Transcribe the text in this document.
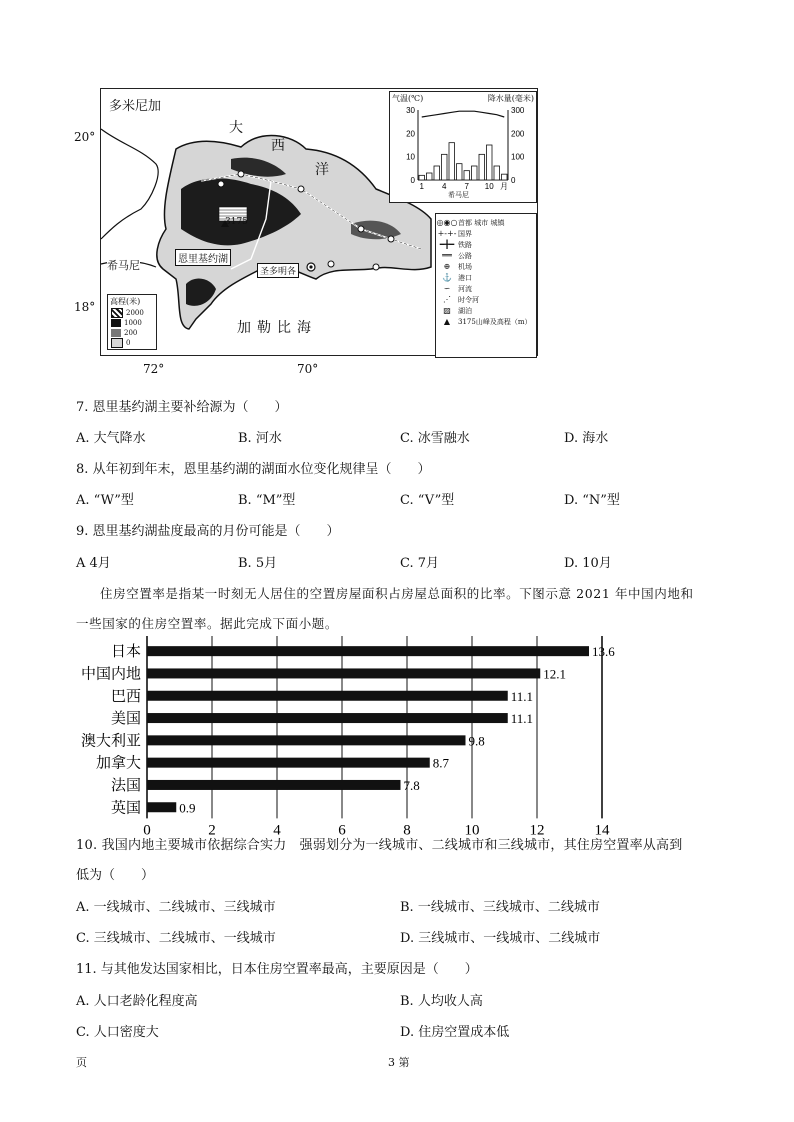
多米尼加
大
西
洋
加勒比海
恩里基约湖
3175
圣多明各
希马尼
高程(米)
2000
1000
200
0
气温(℃)	降水量(毫米)
30
20
10
0
300
200
100
0
1 4 7 10 月
希马尼
◎◉○ 首都 城市 城镇
+-+- 国界
━╋━ 铁路
══ 公路
⊕	机场
⚓ 港口
∽	河流
⋰	时令河
▨	湖泊
▲	3175山峰及高程（m）
20°
18°
72°	70°
7. 恩里基约湖主要补给源为（　　）
A. 大气降水	B. 河水	C. 冰雪融水	D. 海水
8. 从年初到年末，恩里基约湖的湖面水位变化规律呈（　　）
A. “W”型	B. “M”型	C. “V”型	D. “N”型
9. 恩里基约湖盐度最高的月份可能是（　　）
A 4月	B. 5月	C. 7月	D. 10月
住房空置率是指某一时刻无人居住的空置房屋面积占房屋总面积的比率。下图示意 2021 年中国内地和
一些国家的住房空置率。据此完成下面小题。
0	2	4	6	8	10	12	14
日本	13.6
中国内地	12.1
巴西	11.1
美国	11.1
澳大利亚	9.8
加拿大	8.7
法国	7.8
英国	0.9
10. 我国内地主要城市依据综合实力　强弱划分为一线城市、二线城市和三线城市，其住房空置率从高到
低为（　　）
A. 一线城市、二线城市、三线城市	B. 一线城市、三线城市、二线城市
C. 三线城市、二线城市、一线城市	D. 三线城市、一线城市、二线城市
11. 与其他发达国家相比，日本住房空置率最高，主要原因是（　　）
A. 人口老龄化程度高	B. 人均收人高
C. 人口密度大	D. 住房空置成本低
页	3 第
